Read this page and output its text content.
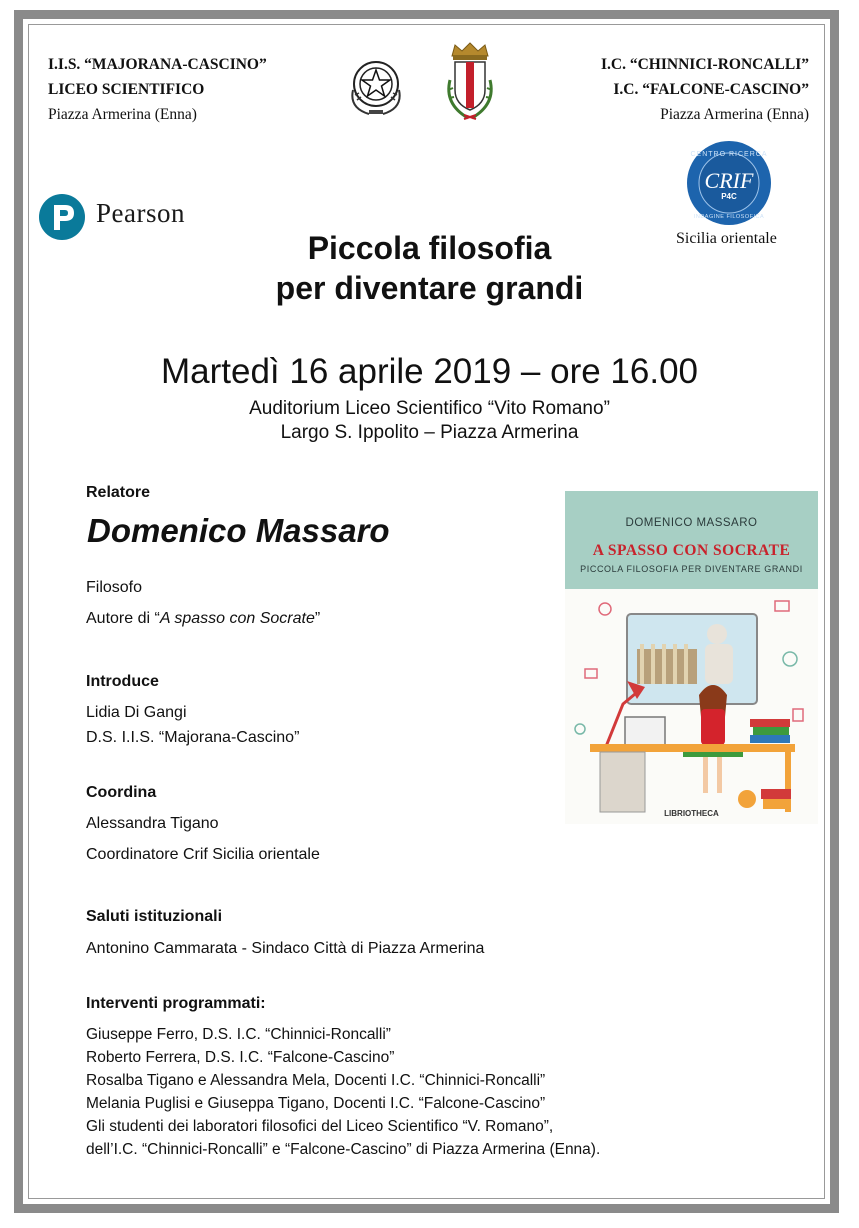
I.I.S. “MAJORANA-CASCINO”
LICEO SCIENTIFICO
Piazza Armerina (Enna)
I.C. “CHINNICI-RONCALLI”
I.C. “FALCONE-CASCINO”
Piazza Armerina (Enna)
Pearson
CENTRO RICERCA
CRIF
P4C
INDAGINE FILOSOFICA
Sicilia orientale
Piccola filosofia
per diventare grandi
Martedì 16 aprile 2019 – ore 16.00
Auditorium Liceo Scientifico “Vito Romano”
Largo S. Ippolito – Piazza Armerina
Relatore
Domenico Massaro
Filosofo
Autore di “A spasso con Socrate”
Introduce
Lidia Di Gangi
D.S. I.I.S. “Majorana-Cascino”
Coordina
Alessandra Tigano
Coordinatore Crif Sicilia orientale
Saluti istituzionali
Antonino Cammarata - Sindaco Città di Piazza Armerina
Interventi programmati:
Giuseppe Ferro, D.S. I.C. “Chinnici-Roncalli”
Roberto Ferrera, D.S. I.C. “Falcone-Cascino”
Rosalba Tigano e Alessandra Mela, Docenti I.C. “Chinnici-Roncalli”
Melania Puglisi e Giuseppa Tigano, Docenti I.C. “Falcone-Cascino”
Gli studenti dei laboratori filosofici del Liceo Scientifico “V. Romano”,
dell’I.C. “Chinnici-Roncalli” e “Falcone-Cascino” di Piazza Armerina (Enna).
DOMENICO MASSARO
A SPASSO CON SOCRATE
PICCOLA FILOSOFIA PER DIVENTARE GRANDI
LIBRIOTHECA
